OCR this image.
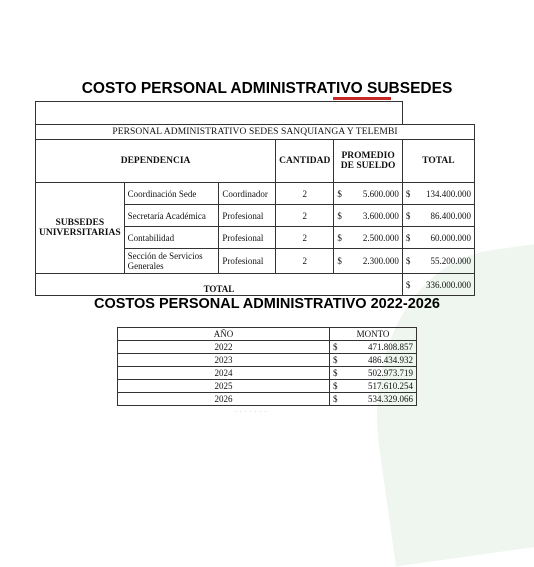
COSTO PERSONAL ADMINISTRATIVO SUBSEDES

PERSONAL ADMINISTRATIVO SEDES SANQUIANGA Y TELEMBI					
DEPENDENCIA			CANTIDAD	PROMEDIO DE SUELDO	TOTAL
SUBSEDES UNIVERSITARIAS	Coordinación Sede	Coordinador	2	$ 5.600.000	$ 134.400.000

	Secretaría Académica	Profesional	2	$ 3.600.000	$ 86.400.000

	Contabilidad	Profesional	2	$ 2.500.000	$ 60.000.000

	Sección de Servicios Generales	Profesional	2	$ 2.300.000	$ 55.200.000

TOTAL					$ 336.000.000
COSTOS PERSONAL ADMINISTRATIVO 2022-2026
AÑO	MONTO
2022	$ 471.808.857

2023	$ 486.434.932

2024	$ 502.973.719

2025	$ 517.610.254

2026	$ 534.329.066
· · · · · · ·
